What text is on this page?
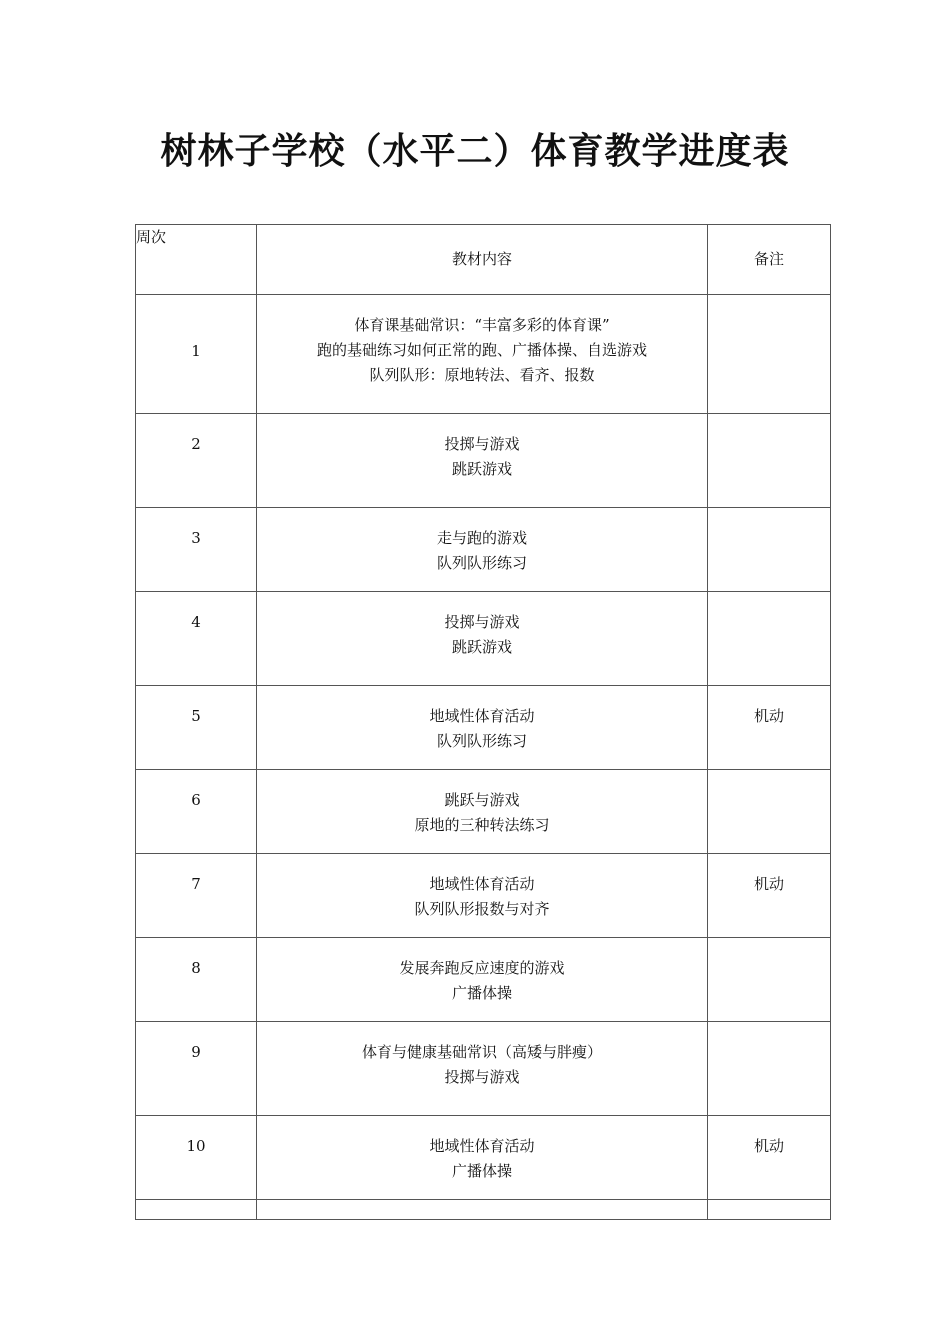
树林子学校（水平二）体育教学进度表
周次	教材内容	备注
1	体育课基础常识：“丰富多彩的体育课”
跑的基础练习如何正常的跑、广播体操、自选游戏
队列队形：原地转法、看齐、报数	

2	投掷与游戏
跳跃游戏	

3	走与跑的游戏
队列队形练习	

4	投掷与游戏
跳跃游戏	

5	地域性体育活动
队列队形练习	机动
6	跳跃与游戏
原地的三种转法练习	

7	地域性体育活动
队列队形报数与对齐	机动
8	发展奔跑反应速度的游戏
广播体操	

9	体育与健康基础常识（高矮与胖瘦）
投掷与游戏	

10	地域性体育活动
广播体操	机动
